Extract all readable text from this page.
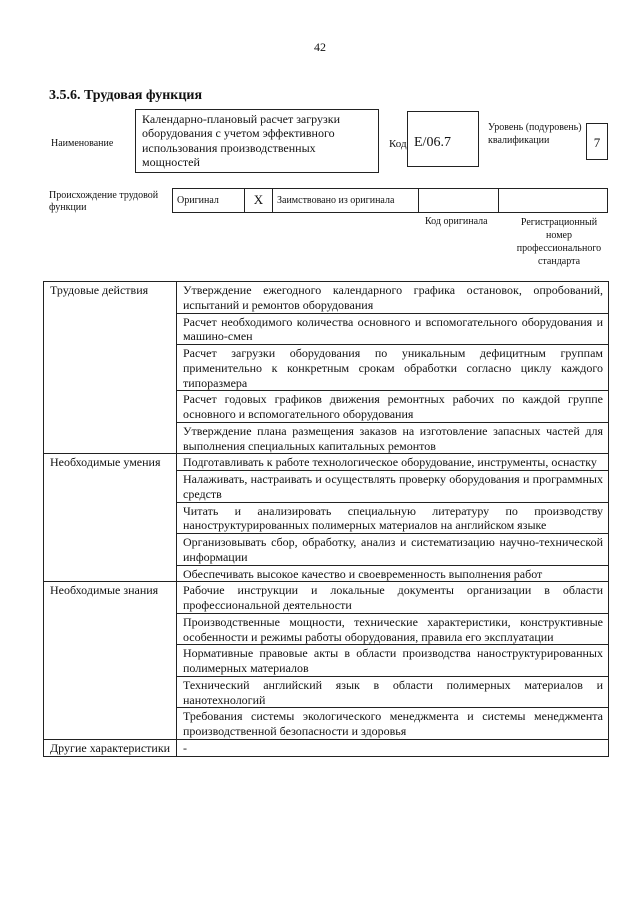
42
3.5.6. Трудовая функция
Наименование
Календарно-плановый расчет загрузки оборудования с учетом эффективного использования производственных мощностей
Код Е/06.7
Уровень (подуровень) квалификации	7
Происхождение трудовой функции
Оригинал	X	Заимствовано из оригинала
Код оригинала	Регистрационный номер профессионального стандарта
Трудовые действия	Утверждение ежегодного календарного графика остановок, опробований, испытаний и ремонтов оборудования
	Расчет необходимого количества основного и вспомогательного оборудования и машино-смен
	Расчет загрузки оборудования по уникальным дефицитным группам применительно к конкретным срокам обработки согласно циклу каждого типоразмера
	Расчет годовых графиков движения ремонтных рабочих по каждой группе основного и вспомогательного оборудования
	Утверждение плана размещения заказов на изготовление запасных частей для выполнения специальных капитальных ремонтов
Необходимые умения	Подготавливать к работе технологическое оборудование, инструменты, оснастку
	Налаживать, настраивать и осуществлять проверку оборудования и программных средств
	Читать и анализировать специальную литературу по производству наноструктурированных полимерных материалов на английском языке
	Организовывать сбор, обработку, анализ и систематизацию научно-технической информации
	Обеспечивать высокое качество и своевременность выполнения работ
Необходимые знания	Рабочие инструкции и локальные документы организации в области профессиональной деятельности
	Производственные мощности, технические характеристики, конструктивные особенности и режимы работы оборудования, правила его эксплуатации
	Нормативные правовые акты в области производства наноструктурированных полимерных материалов
	Технический английский язык в области полимерных материалов и нанотехнологий
	Требования системы экологического менеджмента и системы менеджмента производственной безопасности и здоровья
Другие характеристики	-
